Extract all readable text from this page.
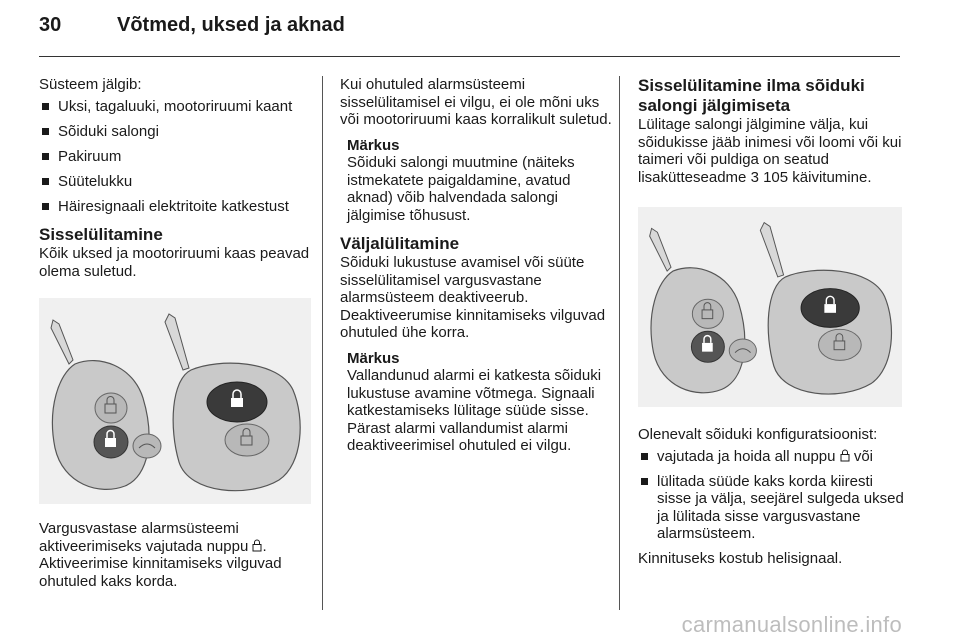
30	Võtmed, uksed ja aknad

Süsteem jälgib:

Uksi, tagaluuki, mootoriruumi kaant
Sõiduki salongi
Pakiruum
Süütelukku
Häiresignaali elektritoite katkestust

Sisselülitamine

Kõik uksed ja mootoriruumi kaas peavad olema suletud.

Vargusvastase alarmsüsteemi aktiveerimiseks vajutada nuppu . Aktiveerimise kinnitamiseks vilguvad ohutuled kaks korda.

Kui ohutuled alarmsüsteemi sisselülitamisel ei vilgu, ei ole mõni uks või mootoriruumi kaas korralikult suletud.

Märkus

Sõiduki salongi muutmine (näiteks istmekatete paigaldamine, avatud aknad) võib halvendada salongi jälgimise tõhusust.

Väljalülitamine

Sõiduki lukustuse avamisel või süüte sisselülitamisel vargusvastane alarmsüsteem deaktiveerub. Deaktiveerumise kinnitamiseks vilguvad ohutuled ühe korra.

Märkus

Vallandunud alarmi ei katkesta sõiduki lukustuse avamine võtmega. Signaali katkestamiseks lülitage süüde sisse. Pärast alarmi vallandumist alarmi deaktiveerimisel ohutuled ei vilgu.

Sisselülitamine ilma sõiduki salongi jälgimiseta

Lülitage salongi jälgimine välja, kui sõidukisse jääb inimesi või loomi või kui taimeri või puldiga on seatud lisakütteseadme 3 105 käivitumine.

Olenevalt sõiduki konfiguratsioonist:

vajutada ja hoida all nuppu  või
lülitada süüde kaks korda kiiresti sisse ja välja, seejärel sulgeda uksed ja lülitada sisse vargusvastane alarmsüsteem.

Kinnituseks kostub helisignaal.

carmanualsonline.info
